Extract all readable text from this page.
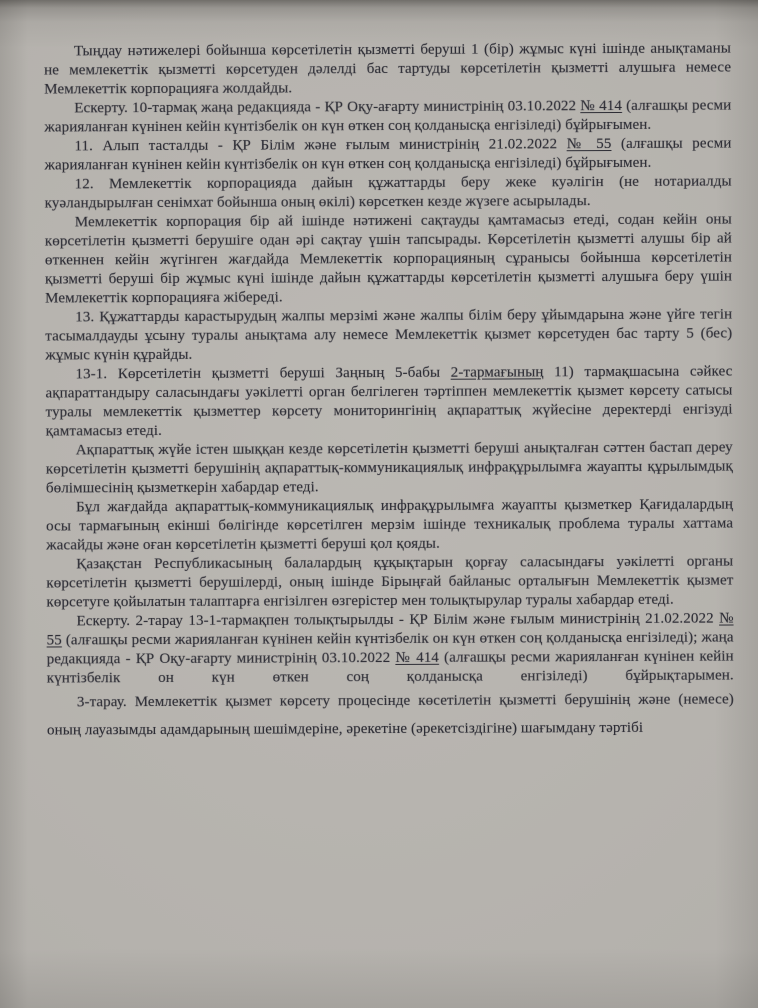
Тыңдау нәтижелері бойынша көрсетілетін қызметті беруші 1 (бір) жұмыс күні ішінде анықтаманы не мемлекеттік қызметті көрсетуден дәлелді бас тартуды көрсетілетін қызметті алушыға немесе Мемлекеттік корпорацияға жолдайды.

Ескерту. 10-тармақ жаңа редакцияда - ҚР Оқу-ағарту министрінің 03.10.2022 № 414 (алғашқы ресми жарияланған күнінен кейін күнтізбелік он күн өткен соң қолданысқа енгізіледі) бұйрығымен.

11. Алып тасталды - ҚР Білім және ғылым министрінің 21.02.2022 № 55 (алғашқы ресми жарияланған күнінен кейін күнтізбелік он күн өткен соң қолданысқа енгізіледі) бұйрығымен.

12. Мемлекеттік корпорацияда дайын құжаттарды беру жеке куәлігін (не нотариалды куәландырылған сенімхат бойынша оның өкілі) көрсеткен кезде жүзеге асырылады.

Мемлекеттік корпорация бір ай ішінде нәтижені сақтауды қамтамасыз етеді, содан кейін оны көрсетілетін қызметті берушіге одан әрі сақтау үшін тапсырады. Көрсетілетін қызметті алушы бір ай өткеннен кейін жүгінген жағдайда Мемлекеттік корпорацияның сұранысы бойынша көрсетілетін қызметті беруші бір жұмыс күні ішінде дайын құжаттарды көрсетілетін қызметті алушыға беру үшін Мемлекеттік корпорацияға жібереді.

13. Құжаттарды карастырудың жалпы мерзімі және жалпы білім беру ұйымдарына және үйге тегін тасымалдауды ұсыну туралы анықтама алу немесе Мемлекеттік қызмет көрсетуден бас тарту 5 (бес) жұмыс күнін құрайды.

13-1. Көрсетілетін қызметті беруші Заңның 5-бабы 2-тармағының 11) тармақшасына сәйкес ақпараттандыру саласындағы уәкілетті орган белгілеген тәртіппен мемлекеттік қызмет көрсету сатысы туралы мемлекеттік қызметтер көрсету мониторингінің ақпараттық жүйесіне деректерді енгізуді қамтамасыз етеді.

Ақпараттық жүйе істен шыққан кезде көрсетілетін қызметті беруші анықталған сәттен бастап дереу көрсетілетін қызметті берушінің ақпараттық-коммуникациялық инфрақұрылымға жауапты құрылымдық бөлімшесінің қызметкерін хабардар етеді.

Бұл жағдайда ақпараттық-коммуникациялық инфрақұрылымға жауапты қызметкер Қағидалардың осы тармағының екінші бөлігінде көрсетілген мерзім ішінде техникалық проблема туралы хаттама жасайды және оған көрсетілетін қызметті беруші қол қояды.

Қазақстан Республикасының балалардың құқықтарын қорғау саласындағы уәкілетті органы көрсетілетін қызметті берушілерді, оның ішінде Бірыңғай байланыс орталығын Мемлекеттік қызмет көрсетуге қойылатын талаптарға енгізілген өзгерістер мен толықтырулар туралы хабардар етеді.

Ескерту. 2-тарау 13-1-тармақпен толықтырылды - ҚР Білім және ғылым министрінің 21.02.2022 № 55 (алғашқы ресми жарияланған күнінен кейін күнтізбелік он күн өткен соң қолданысқа енгізіледі); жаңа редакцияда - ҚР Оқу-ағарту министрінің 03.10.2022 № 414 (алғашқы ресми жарияланған күнінен кейін күнтізбелік он күн өткен соң қолданысқа енгізіледі) бұйрықтарымен.

3-тарау. Мемлекеттік қызмет көрсету процесінде көсетілетін қызметті берушінің және (немесе) оның лауазымды адамдарының шешімдеріне, әрекетіне (әрекетсіздігіне) шағымдану тәртібі
